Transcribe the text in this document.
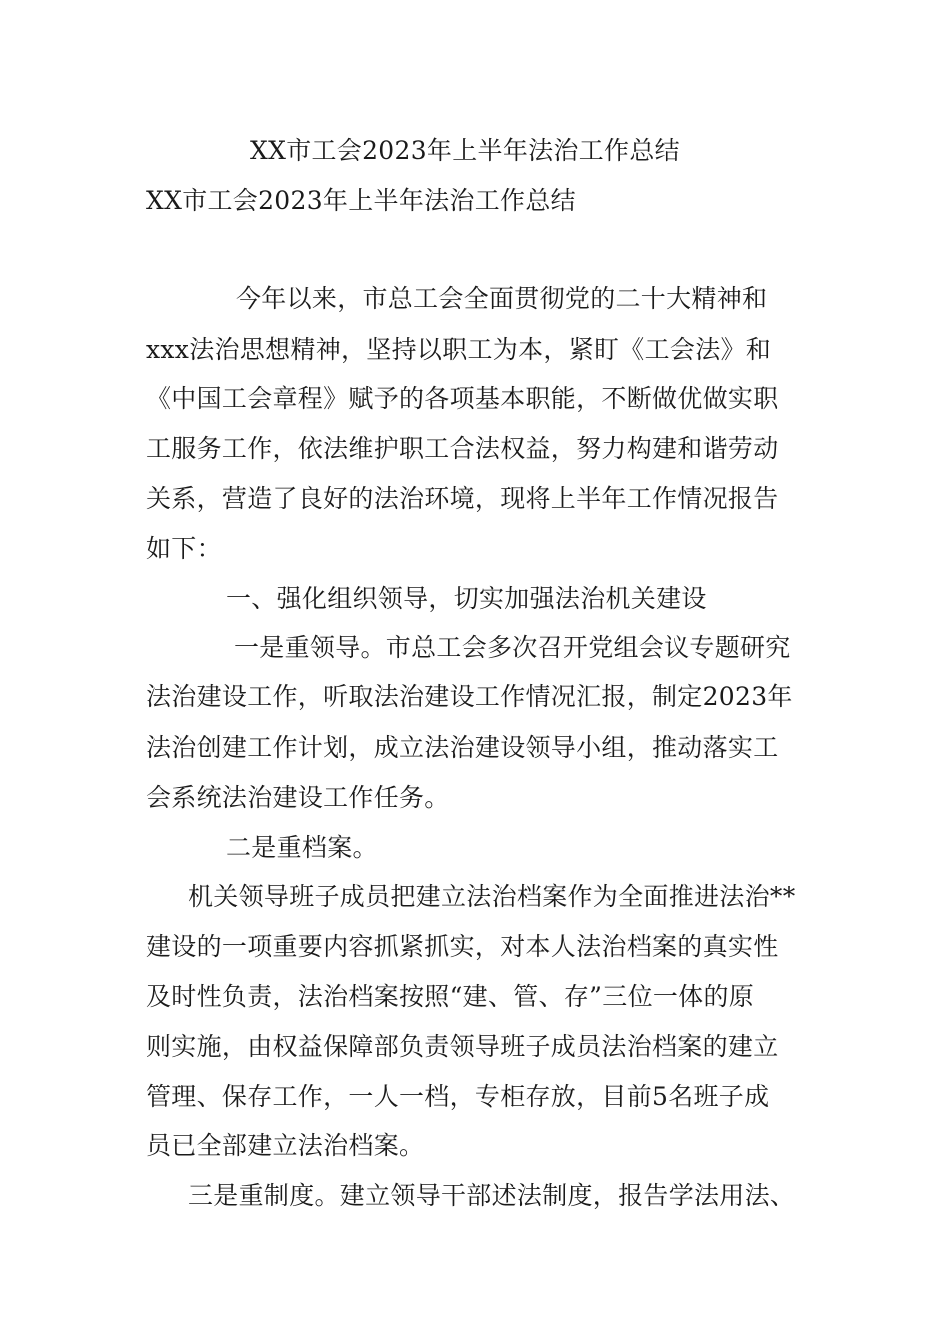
XX市工会2023年上半年法治工作总结
XX市工会2023年上半年法治工作总结
今年以来，市总工会全面贯彻党的二十大精神和
xxx法治思想精神，坚持以职工为本，紧盯《工会法》和
《中国工会章程》赋予的各项基本职能，不断做优做实职
工服务工作，依法维护职工合法权益，努力构建和谐劳动
关系，营造了良好的法治环境，现将上半年工作情况报告
如下：
一、强化组织领导，切实加强法治机关建设
一是重领导。市总工会多次召开党组会议专题研究
法治建设工作，听取法治建设工作情况汇报，制定2023年
法治创建工作计划，成立法治建设领导小组，推动落实工
会系统法治建设工作任务。
二是重档案。
机关领导班子成员把建立法治档案作为全面推进法治**
建设的一项重要内容抓紧抓实，对本人法治档案的真实性
及时性负责，法治档案按照“建、管、存”三位一体的原
则实施，由权益保障部负责领导班子成员法治档案的建立
管理、保存工作，一人一档，专柜存放，目前5名班子成
员已全部建立法治档案。
三是重制度。建立领导干部述法制度，报告学法用法、
